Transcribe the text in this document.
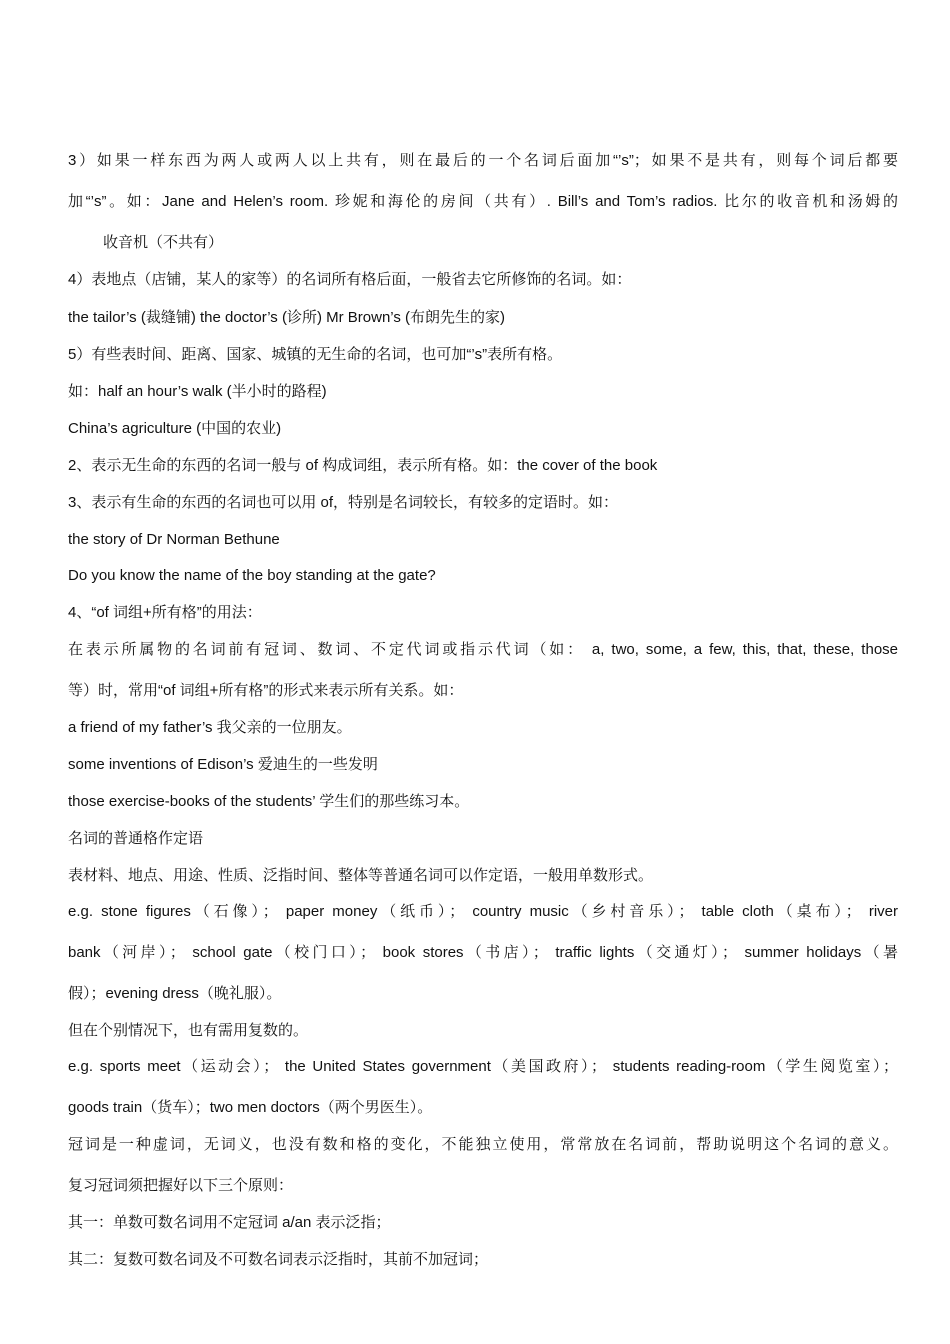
3）如果一样东西为两人或两人以上共有，则在最后的一个名词后面加“’s”；如果不是共有，则每个词后都要
加“’s”。如：Jane and Helen’s room. 珍妮和海伦的房间（共有）. Bill’s and Tom’s radios. 比尔的收音机和汤姆的
收音机（不共有）
4）表地点（店铺，某人的家等）的名词所有格后面，一般省去它所修饰的名词。如：
the tailor’s (裁缝铺) the doctor’s (诊所) Mr Brown’s (布朗先生的家)
5）有些表时间、距离、国家、城镇的无生命的名词，也可加“’s”表所有格。
如：half an hour’s walk (半小时的路程)
China’s agriculture (中国的农业)
2、表示无生命的东西的名词一般与 of 构成词组，表示所有格。如：the cover of the book
3、表示有生命的东西的名词也可以用 of，特别是名词较长，有较多的定语时。如：
the story of Dr Norman Bethune
Do you know the name of the boy standing at the gate?
4、“of 词组+所有格”的用法：
在表示所属物的名词前有冠词、数词、不定代词或指示代词（如： a, two, some, a few, this, that, these, those
等）时，常用“of 词组+所有格”的形式来表示所有关系。如：
a friend of my father’s 我父亲的一位朋友。
some inventions of Edison’s 爱迪生的一些发明
those exercise-books of the students’ 学生们的那些练习本。
名词的普通格作定语
表材料、地点、用途、性质、泛指时间、整体等普通名词可以作定语，一般用单数形式。
e.g. stone figures（石像）； paper money（纸币）； country music（乡村音乐）； table cloth（桌布）； river
bank（河岸）； school gate（校门口）； book stores（书店）； traffic lights（交通灯）； summer holidays（暑
假）；evening dress（晚礼服）。
但在个别情况下，也有需用复数的。
e.g. sports meet（运动会）； the United States government（美国政府）； students reading-room（学生阅览室）；
goods train（货车）；two men doctors（两个男医生）。
冠词是一种虚词，无词义，也没有数和格的变化，不能独立使用，常常放在名词前，帮助说明这个名词的意义。
复习冠词须把握好以下三个原则：
其一：单数可数名词用不定冠词 a/an 表示泛指；
其二：复数可数名词及不可数名词表示泛指时，其前不加冠词；
